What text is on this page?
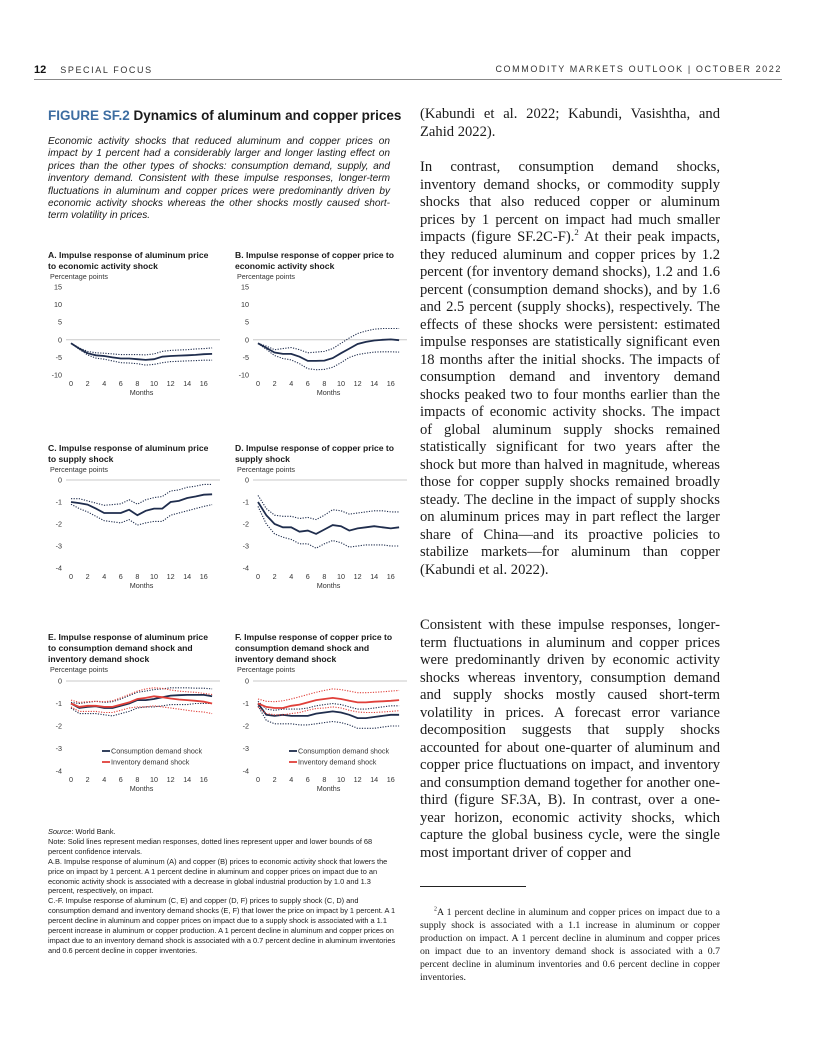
12 SPECIAL FOCUS	COMMODITY MARKETS OUTLOOK | OCTOBER 2022
FIGURE SF.2 Dynamics of aluminum and copper prices
Economic activity shocks that reduced aluminum and copper prices on impact by 1 percent had a considerably larger and longer lasting effect on prices than the other types of shocks: consumption demand, supply, and inventory demand. Consistent with these impulse responses, longer-term fluctuations in aluminum and copper prices were predominantly driven by economic activity shocks whereas the other shocks mostly caused short-term volatility in prices.
A. Impulse response of aluminum price to economic activity shock
Percentage points
15
10
5
0
-5
-10
0 2 4 6 8 10 12 14 16
Months
B. Impulse response of copper price to economic activity shock
Percentage points
15
10
5
0
-5
-10
0 2 4 6 8 10 12 14 16
Months
C. Impulse response of aluminum price to supply shock
Percentage points
0
-1
-2
-3
-4
0 2 4 6 8 10 12 14 16
Months
D. Impulse response of copper price to supply shock
Percentage points
0
-1
-2
-3
-4
0 2 4 6 8 10 12 14 16
Months
E. Impulse response of aluminum price to consumption demand shock and inventory demand shock
Percentage points
0
-1
-2
-3
-4
0 2 4 6 8 10 12 14 16
Months
Consumption demand shock
Inventory demand shock
F. Impulse response of copper price to consumption demand shock and inventory demand shock
Percentage points
0
-1
-2
-3
-4
0 2 4 6 8 10 12 14 16
Months
Consumption demand shock
Inventory demand shock

Source: World Bank.

Note: Solid lines represent median responses, dotted lines represent upper and lower bounds of 68 percent confidence intervals.

A.B. Impulse response of aluminum (A) and copper (B) prices to economic activity shock that lowers the price on impact by 1 percent. A 1 percent decline in aluminum and copper prices on impact due to an economic activity shock is associated with a decrease in global industrial production by 1.0 and 1.3 percent, respectively, on impact.

C.-F. Impulse response of aluminum (C, E) and copper (D, F) prices to supply shock (C, D) and consumption demand and inventory demand shocks (E, F) that lower the price on impact by 1 percent. A 1 percent decline in aluminum and copper prices on impact due to a supply shock is associated with a 1.1 percent increase in aluminum or copper production. A 1 percent decline in aluminum and copper prices on impact due to an inventory demand shock is associated with a 0.7 percent decline in aluminum inventories and 0.6 percent decline in copper inventories.

(Kabundi et al. 2022; Kabundi, Vasishtha, and Zahid 2022).

In contrast, consumption demand shocks, inventory demand shocks, or commodity supply shocks that also reduced copper or aluminum prices by 1 percent on impact had much smaller impacts (figure SF.2C-F).$^2$ At their peak impacts, they reduced aluminum and copper prices by 1.2 percent (for inventory demand shocks), 1.2 and 1.6 percent (consumption demand shocks), and by 1.6 and 2.5 percent (supply shocks), respectively. The effects of these shocks were persistent: estimated impulse responses are statistically significant even 18 months after the initial shocks. The impacts of consumption demand and inventory demand shocks peaked two to four months earlier than the impacts of economic activity shocks. The impact of global aluminum supply shocks remained statistically significant for two years after the shock but more than halved in magnitude, whereas those for copper supply shocks remained broadly steady. The decline in the impact of supply shocks on aluminum prices may in part reflect the larger share of China—and its proactive policies to stabilize markets—for aluminum than copper (Kabundi et al. 2022).

Consistent with these impulse responses, longer-term fluctuations in aluminum and copper prices were predominantly driven by economic activity shocks whereas inventory, consumption demand and supply shocks mostly caused short-term volatility in prices. A forecast error variance decomposition suggests that supply shocks accounted for about one-quarter of aluminum and copper price fluctuations on impact, and inventory and consumption demand together for another one-third (figure SF.3A, B). In contrast, over a one-year horizon, economic activity shocks, which capture the global business cycle, were the single most important driver of copper and

$^2$A 1 percent decline in aluminum and copper prices on impact due to a supply shock is associated with a 1.1 increase in aluminum or copper production on impact. A 1 percent decline in aluminum and copper prices on impact due to an inventory demand shock is associated with a 0.7 percent decline in aluminum inventories and 0.6 percent decline in copper inventories.
